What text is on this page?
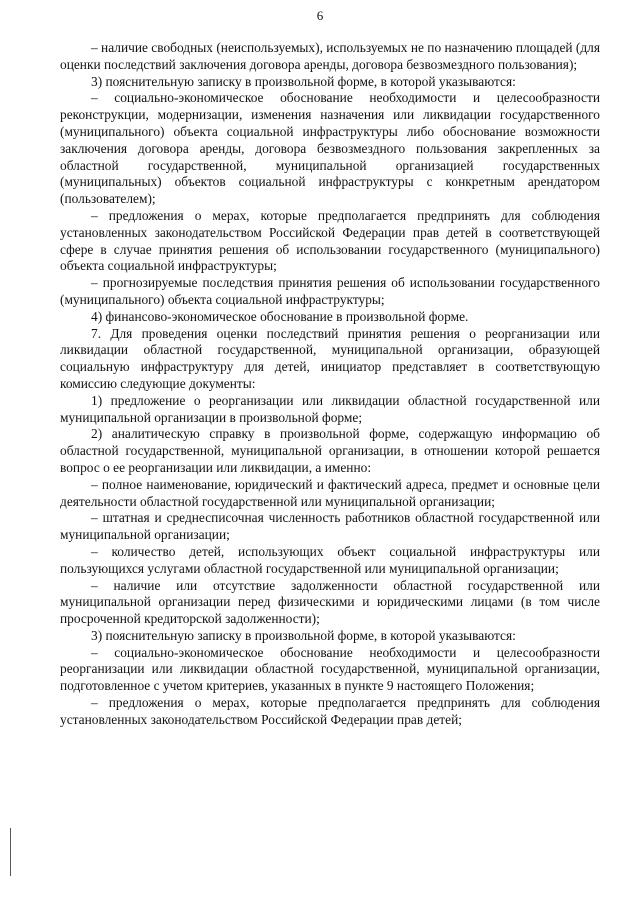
6

– наличие свободных (неиспользуемых), используемых не по назначению площадей (для оценки последствий заключения договора аренды, договора безвозмездного пользования);

3) пояснительную записку в произвольной форме, в которой указываются:

– социально-экономическое обоснование необходимости и целесообразности реконструкции, модернизации, изменения назначения или ликвидации государственного (муниципального) объекта социальной инфраструктуры либо обоснование возможности заключения договора аренды, договора безвозмездного пользования закрепленных за областной государственной, муниципальной организацией государственных (муниципальных) объектов социальной инфраструктуры с конкретным арендатором (пользователем);

– предложения о мерах, которые предполагается предпринять для соблюдения установленных законодательством Российской Федерации прав детей в соответствующей сфере в случае принятия решения об использовании государственного (муниципального) объекта социальной инфраструктуры;

– прогнозируемые последствия принятия решения об использовании государственного (муниципального) объекта социальной инфраструктуры;

4) финансово-экономическое обоснование в произвольной форме.

7. Для проведения оценки последствий принятия решения о реорганизации или ликвидации областной государственной, муниципальной организации, образующей социальную инфраструктуру для детей, инициатор представляет в соответствующую комиссию следующие документы:

1) предложение о реорганизации или ликвидации областной государственной или муниципальной организации в произвольной форме;

2) аналитическую справку в произвольной форме, содержащую информацию об областной государственной, муниципальной организации, в отношении которой решается вопрос о ее реорганизации или ликвидации, а именно:

– полное наименование, юридический и фактический адреса, предмет и основные цели деятельности областной государственной или муниципальной организации;

– штатная и среднесписочная численность работников областной государственной или муниципальной организации;

– количество детей, использующих объект социальной инфраструктуры или пользующихся услугами областной государственной или муниципальной организации;

– наличие или отсутствие задолженности областной государственной или муниципальной организации перед физическими и юридическими лицами (в том числе просроченной кредиторской задолженности);

3) пояснительную записку в произвольной форме, в которой указываются:

– социально-экономическое обоснование необходимости и целесообразности реорганизации или ликвидации областной государственной, муниципальной организации, подготовленное с учетом критериев, указанных в пункте 9 настоящего Положения;

– предложения о мерах, которые предполагается предпринять для соблюдения установленных законодательством Российской Федерации прав детей;
